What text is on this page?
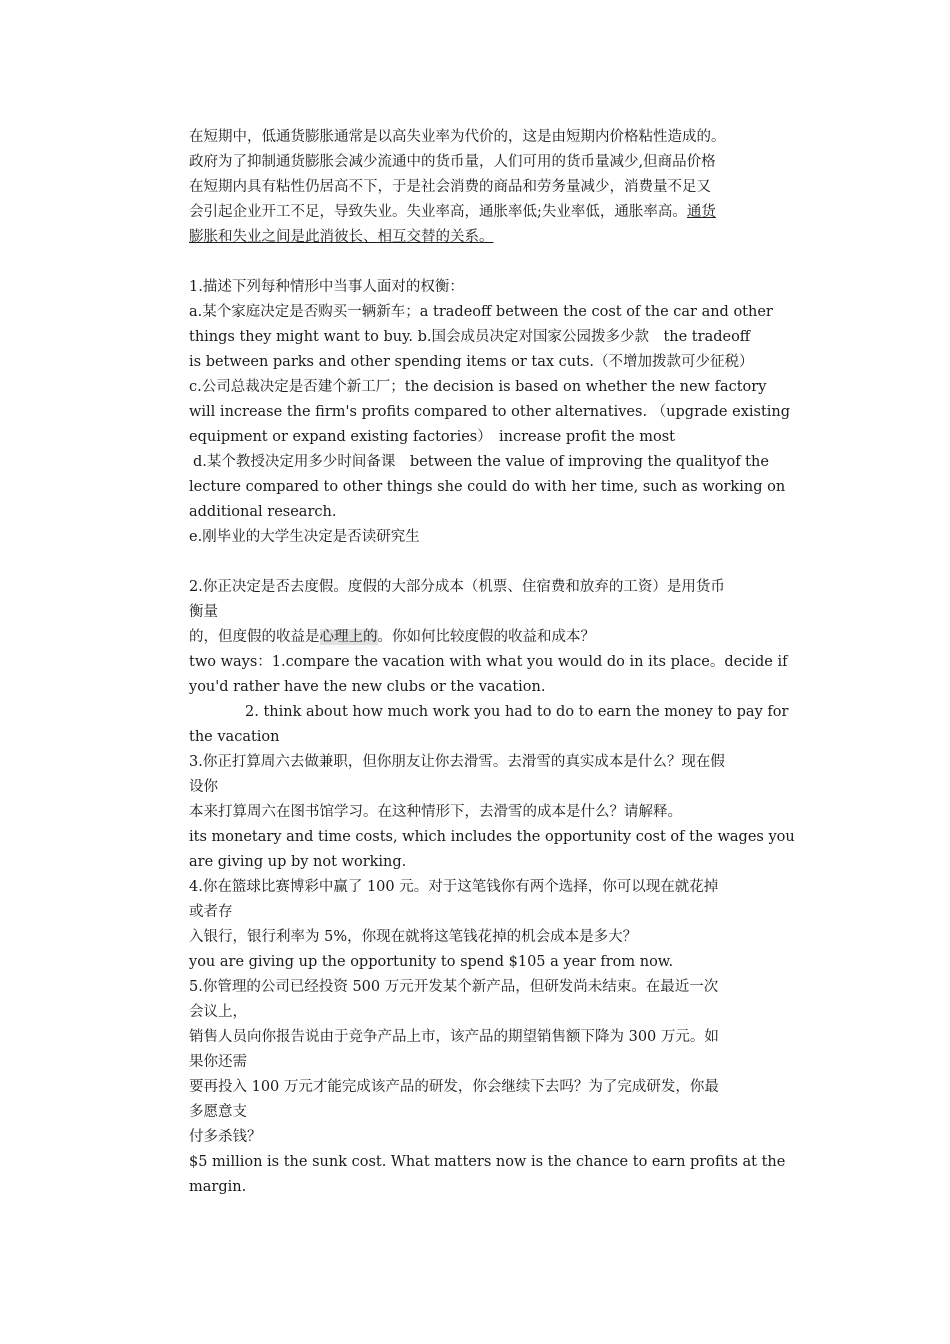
在短期中，低通货膨胀通常是以高失业率为代价的，这是由短期内价格粘性造成的。
政府为了抑制通货膨胀会减少流通中的货币量，人们可用的货币量减少,但商品价格
在短期内具有粘性仍居高不下，于是社会消费的商品和劳务量减少，消费量不足又
会引起企业开工不足，导致失业。失业率高，通胀率低;失业率低，通胀率高。通货
膨胀和失业之间是此消彼长、相互交替的关系。
1.描述下列每种情形中当事人面对的权衡：
a.某个家庭决定是否购买一辆新车；a tradeoff between the cost of the car and other
things they might want to buy. b.国会成员决定对国家公园拨多少款　the tradeoff
is between parks and other spending items or tax cuts.（不增加拨款可少征税）
c.公司总裁决定是否建个新工厂；the decision is based on whether the new factory
will increase the firm's profits compared to other alternatives. （upgrade existing
equipment or expand existing factories）　increase profit the most
d.某个教授决定用多少时间备课　between the value of improving the qualityof the
lecture compared to other things she could do with her time, such as working on
additional research.
e.刚毕业的大学生决定是否读研究生
2.你正决定是否去度假。度假的大部分成本（机票、住宿费和放弃的工资）是用货币
衡量
的，但度假的收益是心理上的。你如何比较度假的收益和成本？
two ways：1.compare the vacation with what you would do in its place。decide if
you'd rather have the new clubs or the vacation.
2. think about how much work you had to do to earn the money to pay for
the vacation
3.你正打算周六去做兼职，但你朋友让你去滑雪。去滑雪的真实成本是什么？现在假
设你
本来打算周六在图书馆学习。在这种情形下，去滑雪的成本是什么？请解释。
its monetary and time costs, which includes the opportunity cost of the wages you
are giving up by not working.
4.你在篮球比赛博彩中赢了 100 元。对于这笔钱你有两个选择，你可以现在就花掉
或者存
入银行，银行利率为 5%，你现在就将这笔钱花掉的机会成本是多大？
you are giving up the opportunity to spend $105 a year from now.
5.你管理的公司已经投资 500 万元开发某个新产品，但研发尚未结束。在最近一次
会议上，
销售人员向你报告说由于竞争产品上市，该产品的期望销售额下降为 300 万元。如
果你还需
要再投入 100 万元才能完成该产品的研发，你会继续下去吗？为了完成研发，你最
多愿意支
付多杀钱？
$5 million is the sunk cost. What matters now is the chance to earn profits at the
margin.
